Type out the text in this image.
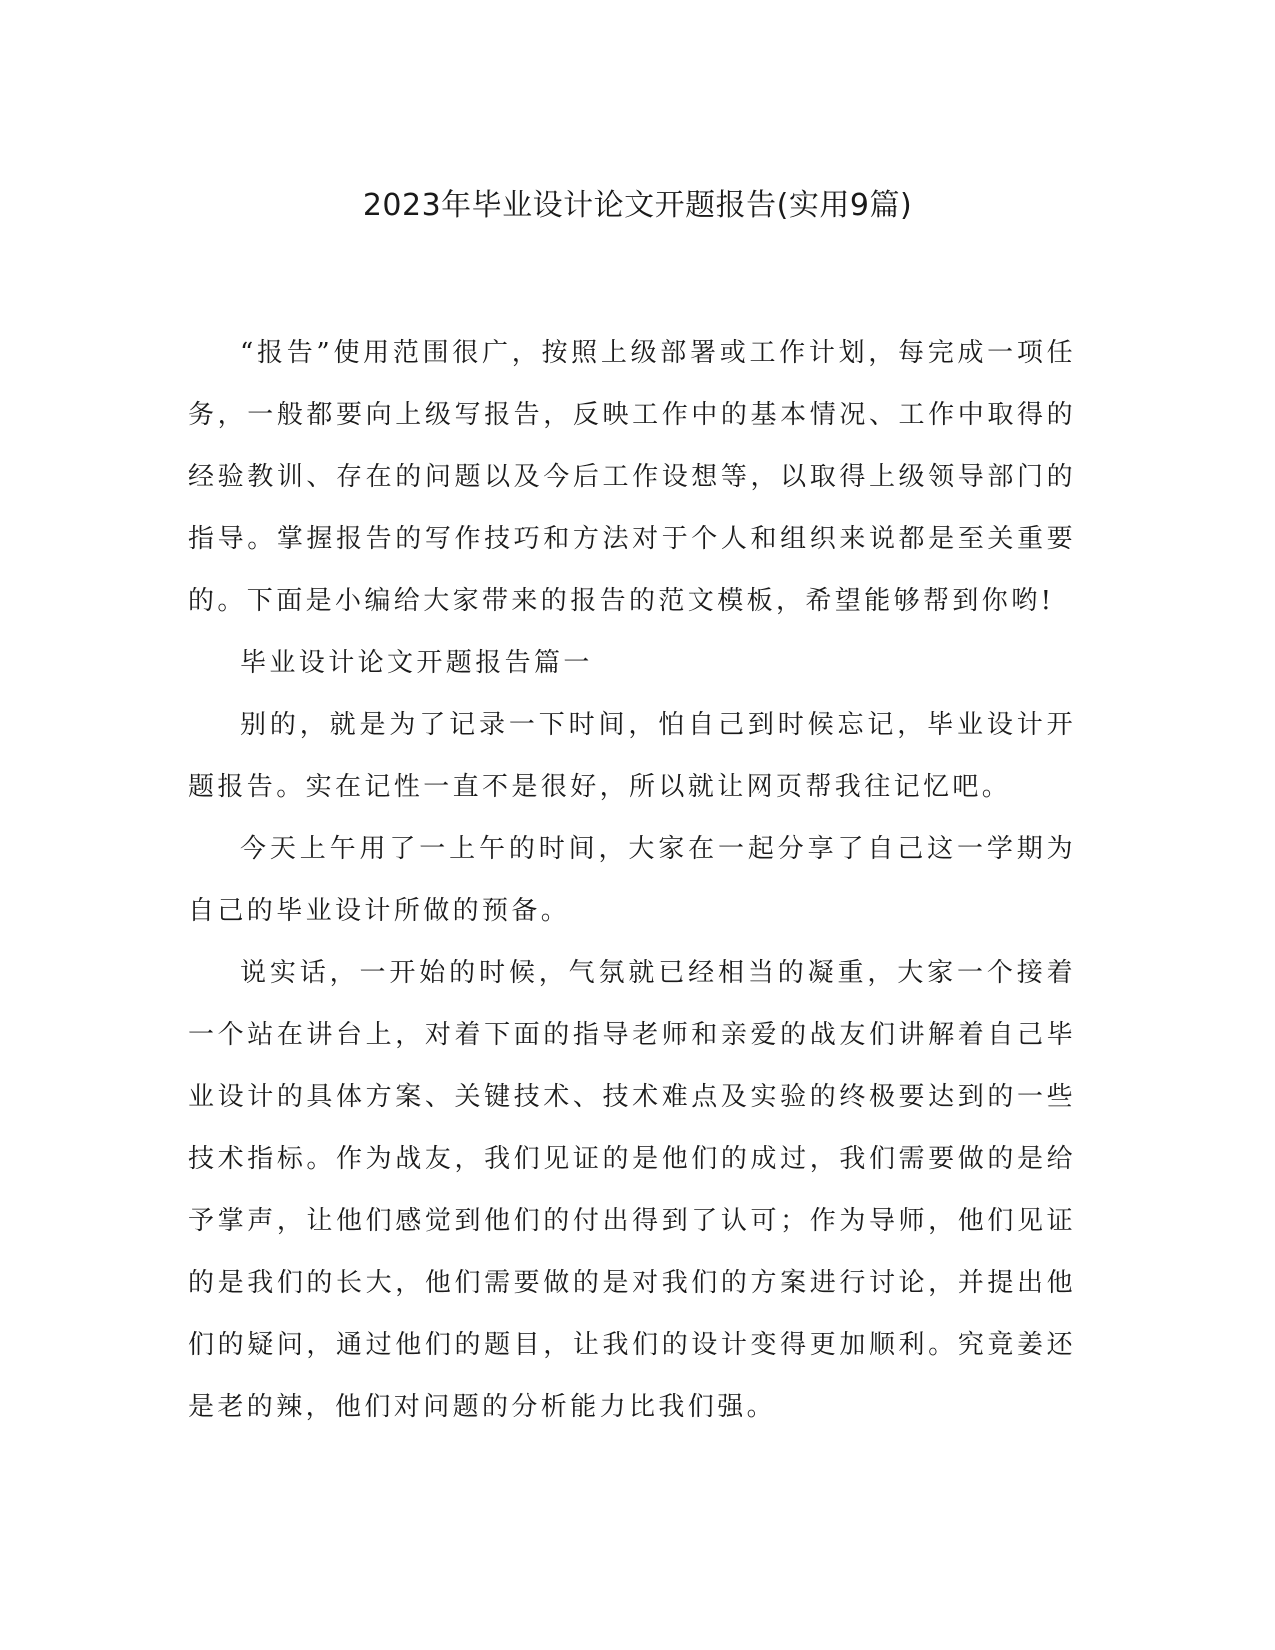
2023年毕业设计论文开题报告(实用9篇)

“报告”使用范围很广，按照上级部署或工作计划，每完成一项任务，一般都要向上级写报告，反映工作中的基本情况、工作中取得的经验教训、存在的问题以及今后工作设想等，以取得上级领导部门的指导。掌握报告的写作技巧和方法对于个人和组织来说都是至关重要的。下面是小编给大家带来的报告的范文模板，希望能够帮到你哟!

毕业设计论文开题报告篇一

别的，就是为了记录一下时间，怕自己到时候忘记，毕业设计开题报告。实在记性一直不是很好，所以就让网页帮我往记忆吧。

今天上午用了一上午的时间，大家在一起分享了自己这一学期为自己的毕业设计所做的预备。

说实话，一开始的时候，气氛就已经相当的凝重，大家一个接着一个站在讲台上，对着下面的指导老师和亲爱的战友们讲解着自己毕业设计的具体方案、关键技术、技术难点及实验的终极要达到的一些技术指标。作为战友，我们见证的是他们的成过，我们需要做的是给予掌声，让他们感觉到他们的付出得到了认可；作为导师，他们见证的是我们的长大，他们需要做的是对我们的方案进行讨论，并提出他们的疑问，通过他们的题目，让我们的设计变得更加顺利。究竟姜还是老的辣，他们对问题的分析能力比我们强。
